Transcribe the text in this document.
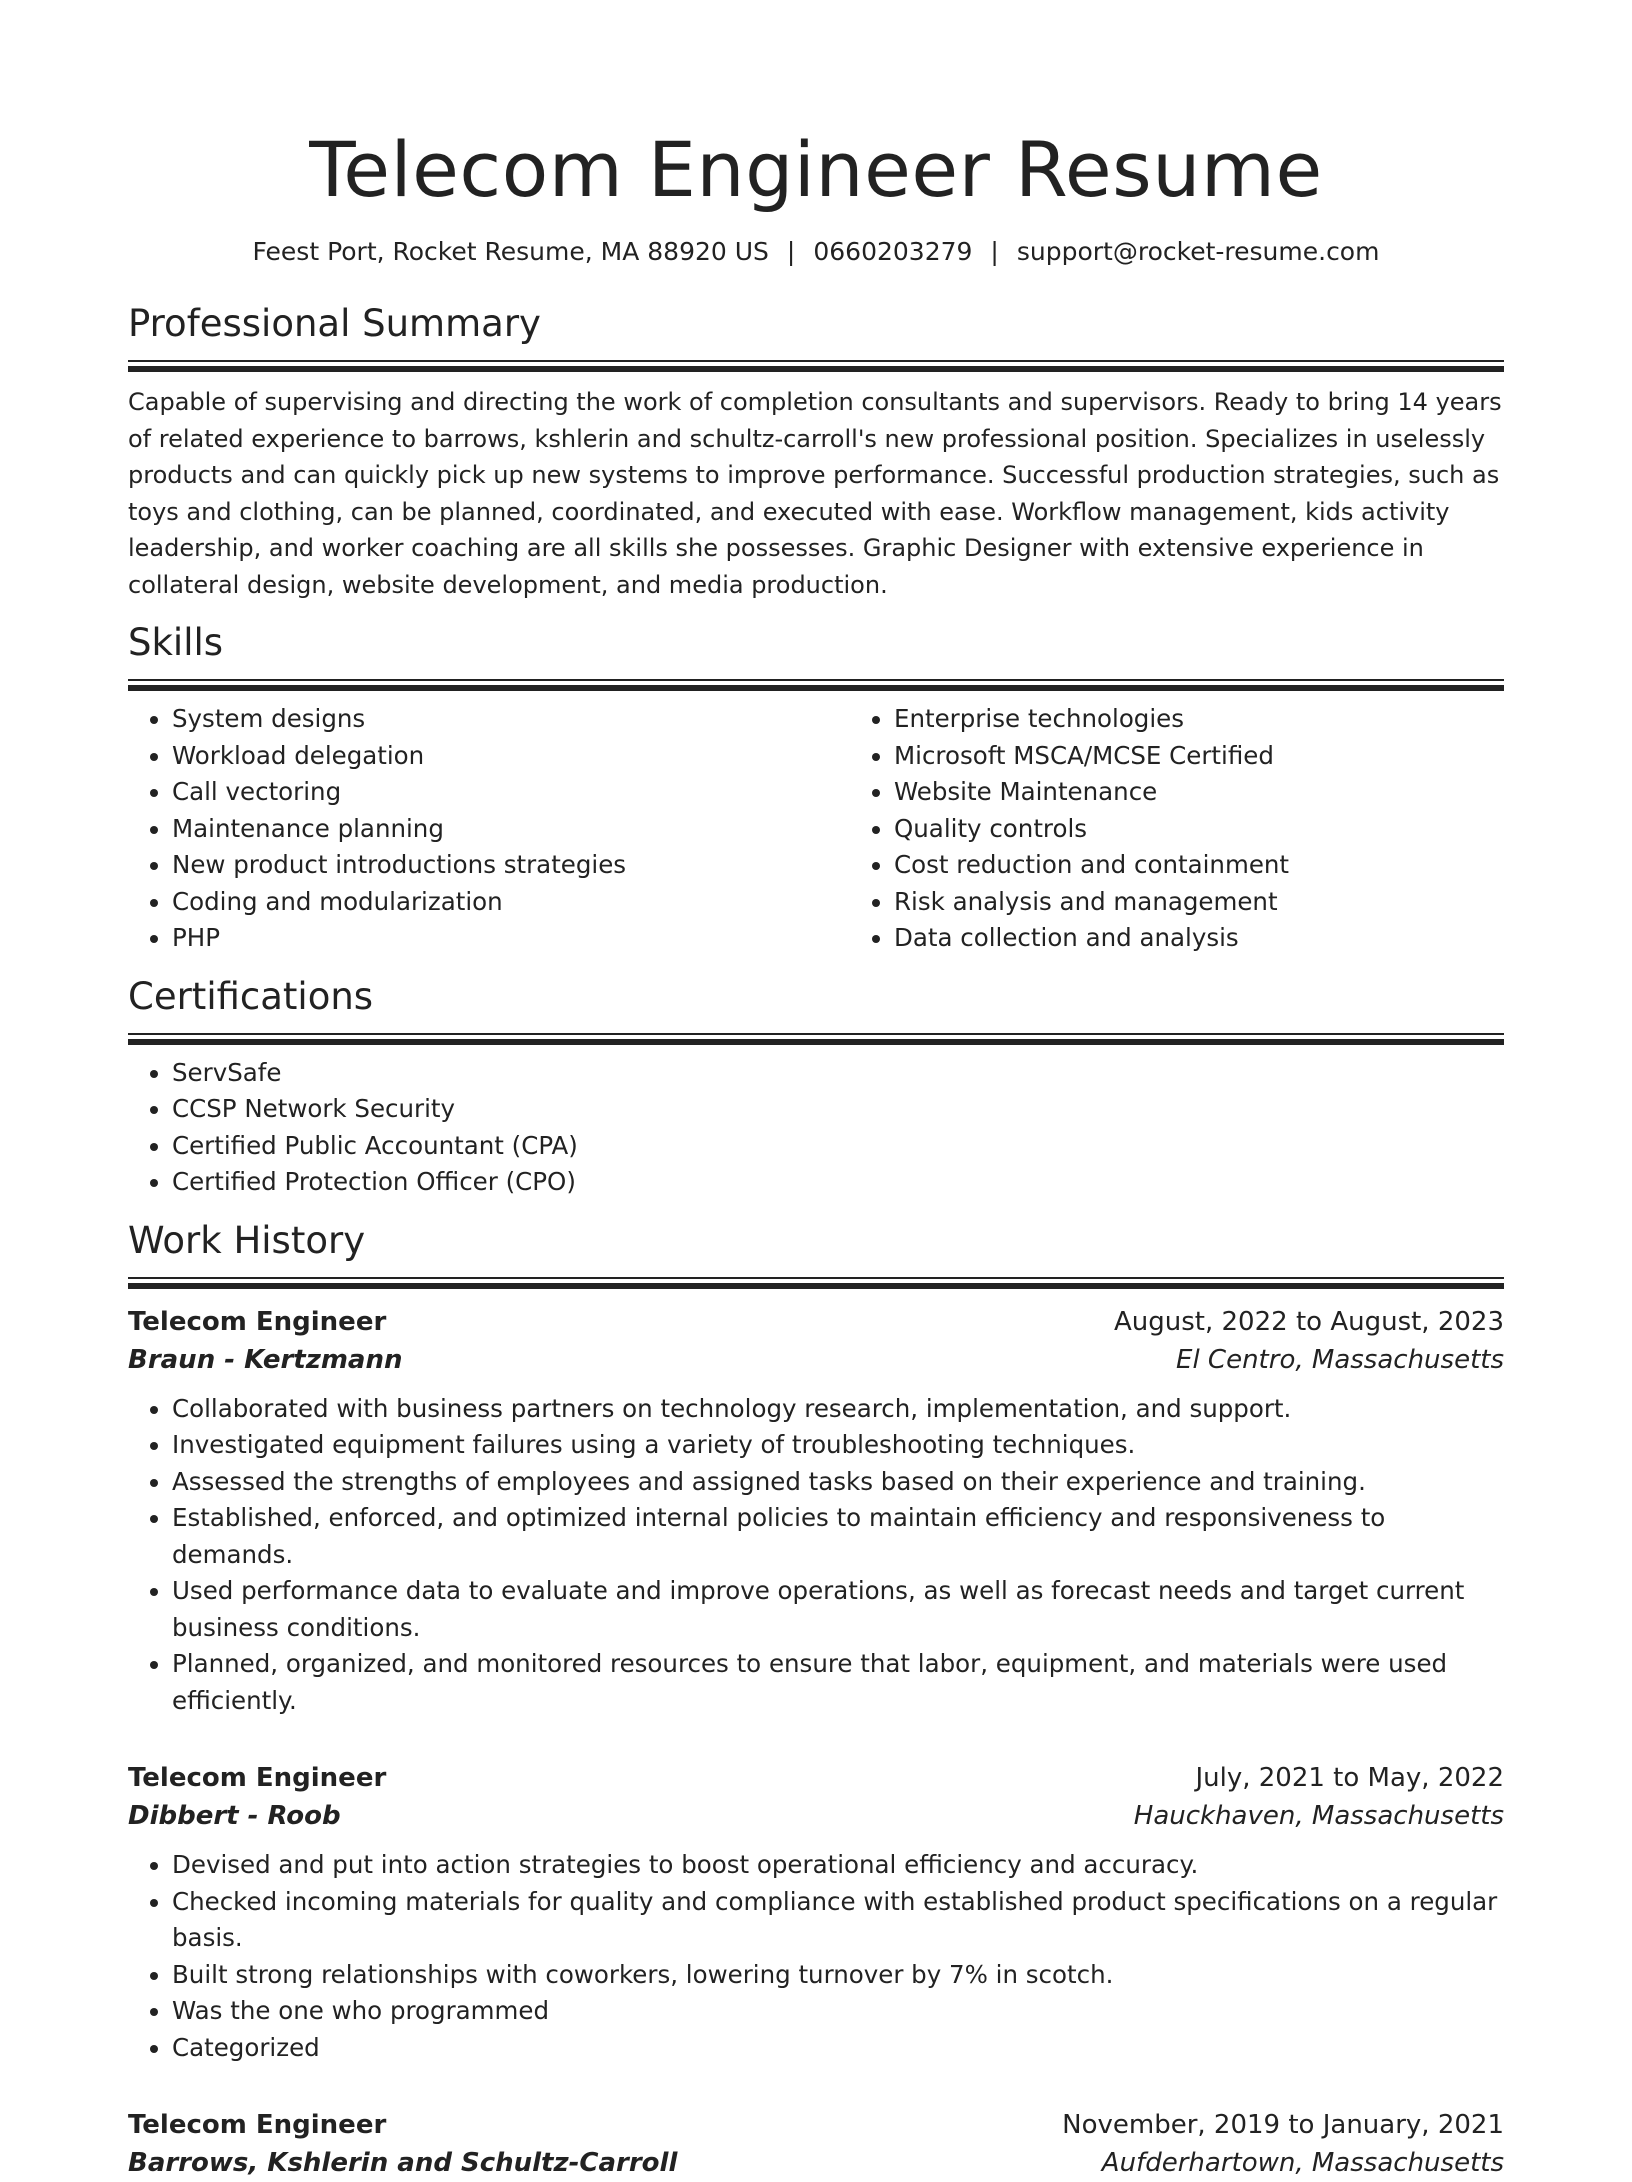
Telecom Engineer Resume
Feest Port, Rocket Resume, MA 88920 US | 0660203279 | support@rocket-resume.com
Professional Summary

Capable of supervising and directing the work of completion consultants and supervisors. Ready to bring 14 years of related experience to barrows, kshlerin and schultz-carroll's new professional position. Specializes in uselessly products and can quickly pick up new systems to improve performance. Successful production strategies, such as toys and clothing, can be planned, coordinated, and executed with ease. Workflow management, kids activity leadership, and worker coaching are all skills she possesses. Graphic Designer with extensive experience in collateral design, website development, and media production.

Skills
• System designs
• Workload delegation
• Call vectoring
• Maintenance planning
• New product introductions strategies
• Coding and modularization
• PHP
• Enterprise technologies
• Microsoft MSCA/MCSE Certified
• Website Maintenance
• Quality controls
• Cost reduction and containment
• Risk analysis and management
• Data collection and analysis
Certifications
• ServSafe
• CCSP Network Security
• Certified Public Accountant (CPA)
• Certified Protection Officer (CPO)
Work History
Telecom Engineer	August, 2022 to August, 2023
Braun - Kertzmann	El Centro, Massachusetts
• Collaborated with business partners on technology research, implementation, and support.
• Investigated equipment failures using a variety of troubleshooting techniques.
• Assessed the strengths of employees and assigned tasks based on their experience and training.
• Established, enforced, and optimized internal policies to maintain efficiency and responsiveness to demands.
• Used performance data to evaluate and improve operations, as well as forecast needs and target current business conditions.
• Planned, organized, and monitored resources to ensure that labor, equipment, and materials were used efficiently.
Telecom Engineer	July, 2021 to May, 2022
Dibbert - Roob	Hauckhaven, Massachusetts
• Devised and put into action strategies to boost operational efficiency and accuracy.
• Checked incoming materials for quality and compliance with established product specifications on a regular basis.
• Built strong relationships with coworkers, lowering turnover by 7% in scotch.
• Was the one who programmed
• Categorized
Telecom Engineer	November, 2019 to January, 2021
Barrows, Kshlerin and Schultz-Carroll	Aufderhartown, Massachusetts
